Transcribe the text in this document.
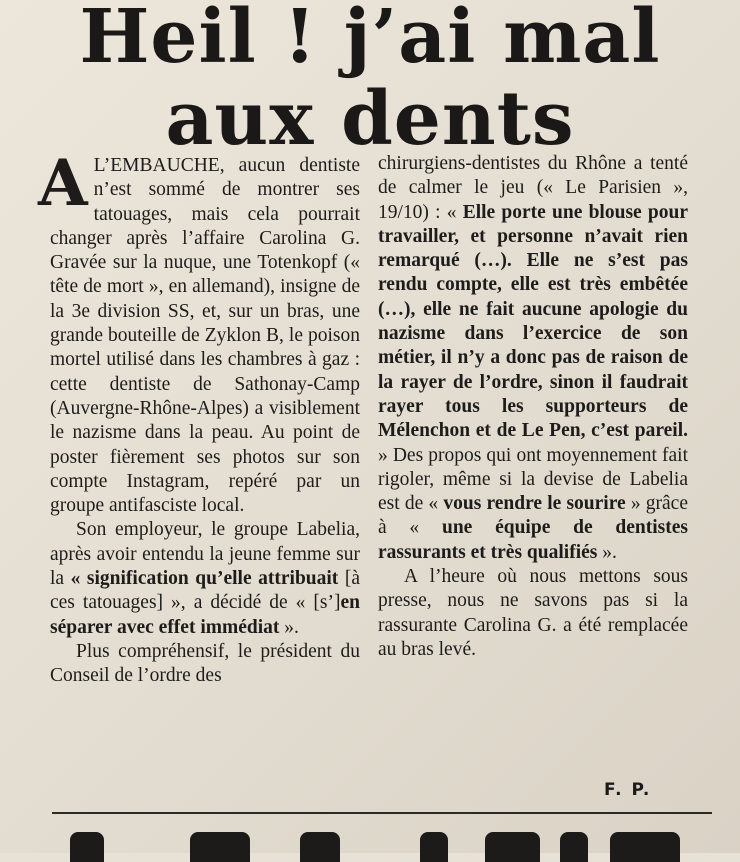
Heil ! j’ai mal
aux dents

A L’EMBAUCHE, aucun dentiste n’est sommé de montrer ses tatouages, mais cela pourrait changer après l’affaire Carolina G. Gravée sur la nuque, une Totenkopf (« tête de mort », en allemand), insigne de la 3e division SS, et, sur un bras, une grande bouteille de Zyklon B, le poison mortel utilisé dans les chambres à gaz : cette dentiste de Sathonay-Camp (Auvergne-Rhône-Alpes) a visiblement le nazisme dans la peau. Au point de poster fièrement ses photos sur son compte Instagram, repéré par un groupe antifasciste local.

Son employeur, le groupe Labelia, après avoir entendu la jeune femme sur la « signification qu’elle attribuait [à ces tatouages] », a décidé de « [s’]en séparer avec effet immédiat ».

Plus compréhensif, le président du Conseil de l’ordre des

chirurgiens-dentistes du Rhône a tenté de calmer le jeu (« Le Parisien », 19/10) : « Elle porte une blouse pour travailler, et personne n’avait rien remarqué (…). Elle ne s’est pas rendu compte, elle est très embêtée (…), elle ne fait aucune apologie du nazisme dans l’exercice de son métier, il n’y a donc pas de raison de la rayer de l’ordre, sinon il faudrait rayer tous les supporteurs de Mélenchon et de Le Pen, c’est pareil. » Des propos qui ont moyennement fait rigoler, même si la devise de Labelia est de « vous rendre le sourire » grâce à « une équipe de dentistes rassurants et très qualifiés ».

A l’heure où nous mettons sous presse, nous ne savons pas si la rassurante Carolina G. a été remplacée au bras levé.

F. P.
